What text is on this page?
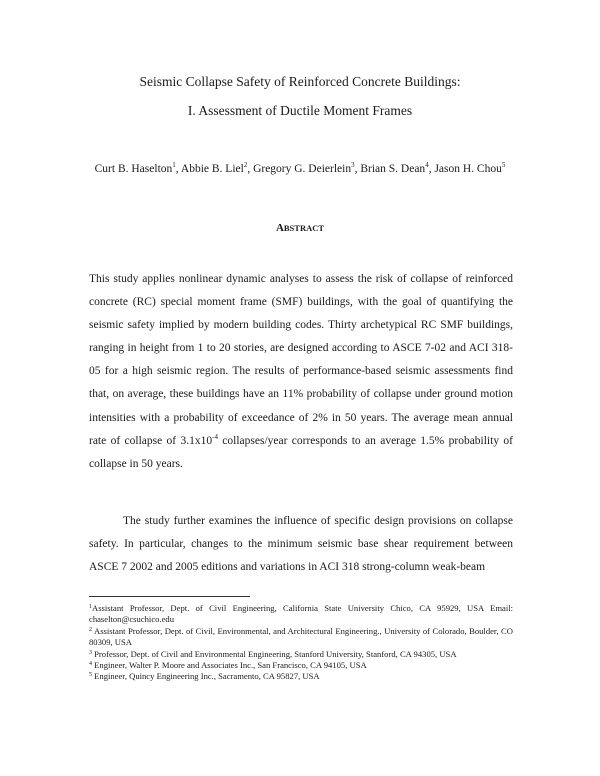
Seismic Collapse Safety of Reinforced Concrete Buildings:
I. Assessment of Ductile Moment Frames
Curt B. Haselton$^1$, Abbie B. Liel$^2$, Gregory G. Deierlein$^3$, Brian S. Dean$^4$, Jason H. Chou$^5$
ABSTRACT

This study applies nonlinear dynamic analyses to assess the risk of collapse of reinforced concrete (RC) special moment frame (SMF) buildings, with the goal of quantifying the seismic safety implied by modern building codes. Thirty archetypical RC SMF buildings, ranging in height from 1 to 20 stories, are designed according to ASCE 7-02 and ACI 318-05 for a high seismic region. The results of performance-based seismic assessments find that, on average, these buildings have an 11% probability of collapse under ground motion intensities with a probability of exceedance of 2% in 50 years. The average mean annual rate of collapse of $3.1x10^{-4}$ collapses/year corresponds to an average 1.5% probability of collapse in 50 years.

The study further examines the influence of specific design provisions on collapse safety. In particular, changes to the minimum seismic base shear requirement between ASCE 7 2002 and 2005 editions and variations in ACI 318 strong-column weak-beam

$^1$Assistant Professor, Dept. of Civil Engineering, California State University Chico, CA 95929, USA Email: chaselton@csuchico.edu

$^2$ Assistant Professor, Dept. of Civil, Environmental, and Architectural Engineering., University of Colorado, Boulder, CO 80309, USA

$^3$ Professor, Dept. of Civil and Environmental Engineering, Stanford University, Stanford, CA 94305, USA

$^4$ Engineer, Walter P. Moore and Associates Inc., San Francisco, CA 94105, USA

$^5$ Engineer, Quincy Engineering Inc., Sacramento, CA 95827, USA
